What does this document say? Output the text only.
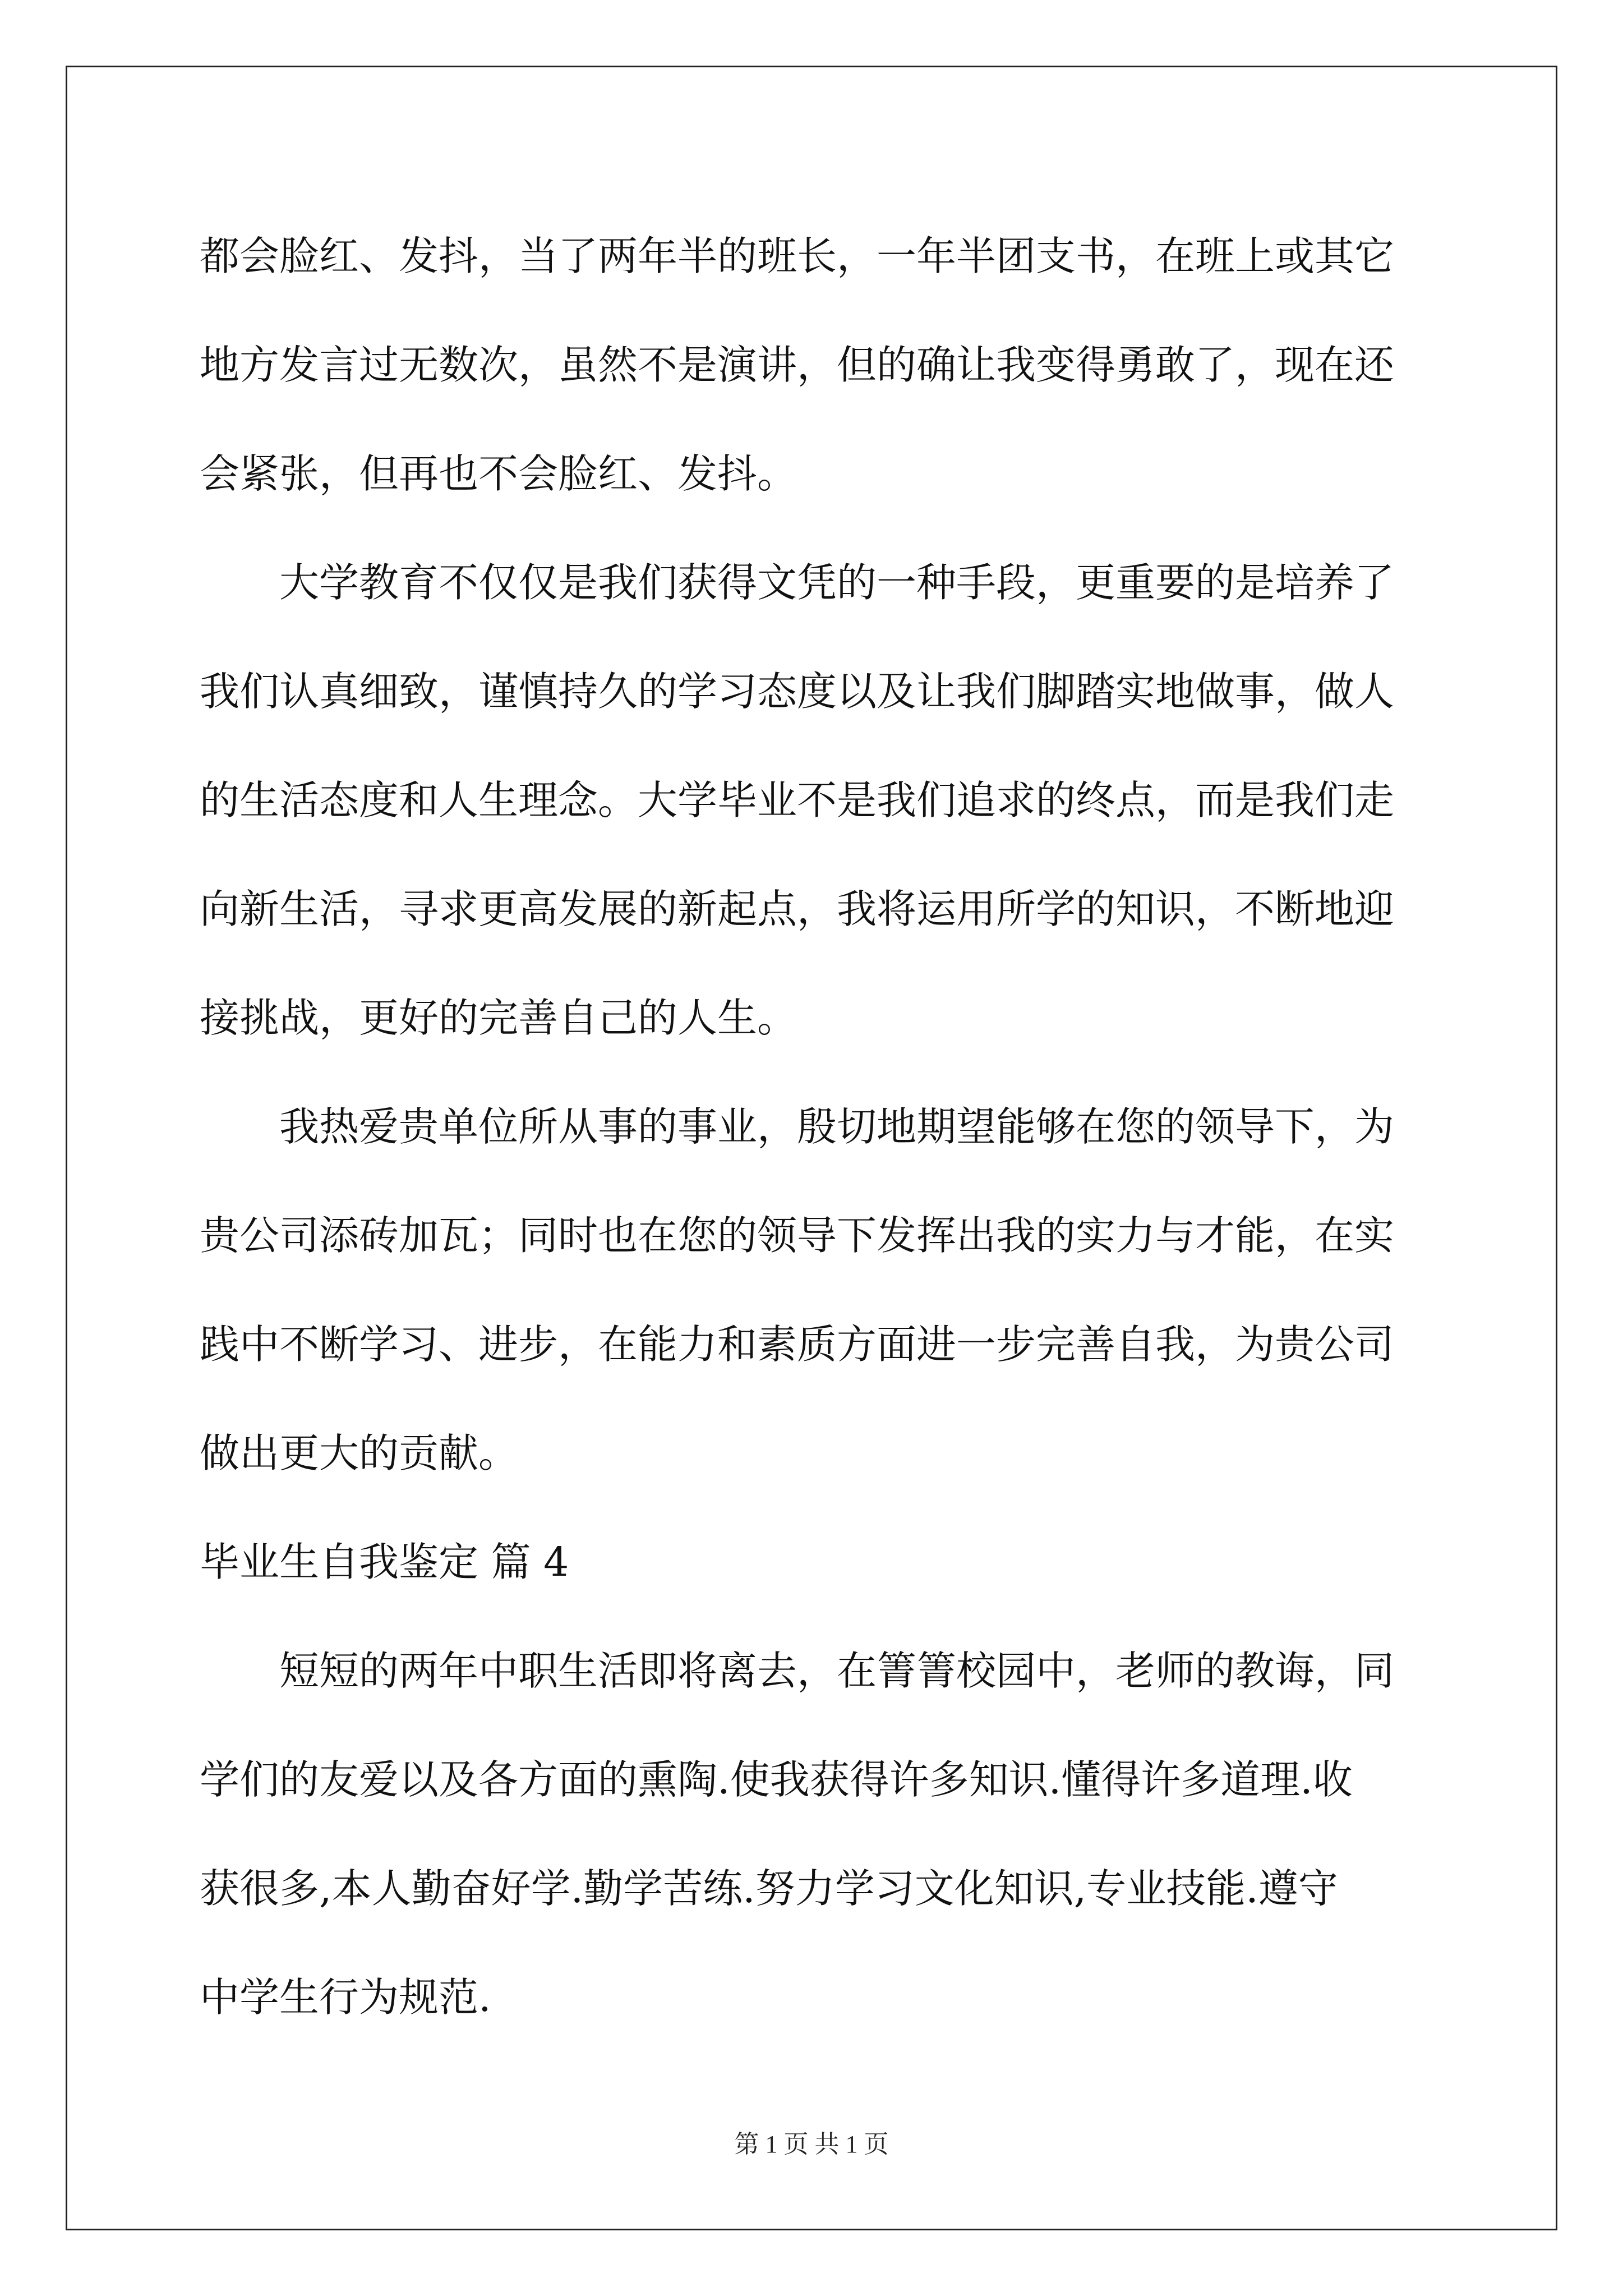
都会脸红、发抖，当了两年半的班长，一年半团支书，在班上或其它
地方发言过无数次，虽然不是演讲，但的确让我变得勇敢了，现在还
会紧张，但再也不会脸红、发抖。

大学教育不仅仅是我们获得文凭的一种手段，更重要的是培养了
我们认真细致，谨慎持久的学习态度以及让我们脚踏实地做事，做人
的生活态度和人生理念。大学毕业不是我们追求的终点，而是我们走
向新生活，寻求更高发展的新起点，我将运用所学的知识，不断地迎
接挑战，更好的完善自己的人生。

我热爱贵单位所从事的事业，殷切地期望能够在您的领导下，为
贵公司添砖加瓦；同时也在您的领导下发挥出我的实力与才能，在实
践中不断学习、进步，在能力和素质方面进一步完善自我，为贵公司
做出更大的贡献。

毕业生自我鉴定 篇 4

短短的两年中职生活即将离去，在箐箐校园中，老师的教诲，同
学们的友爱以及各方面的熏陶.使我获得许多知识.懂得许多道理.收
获很多,本人勤奋好学.勤学苦练.努力学习文化知识,专业技能.遵守
中学生行为规范.

第 1 页 共 1 页
